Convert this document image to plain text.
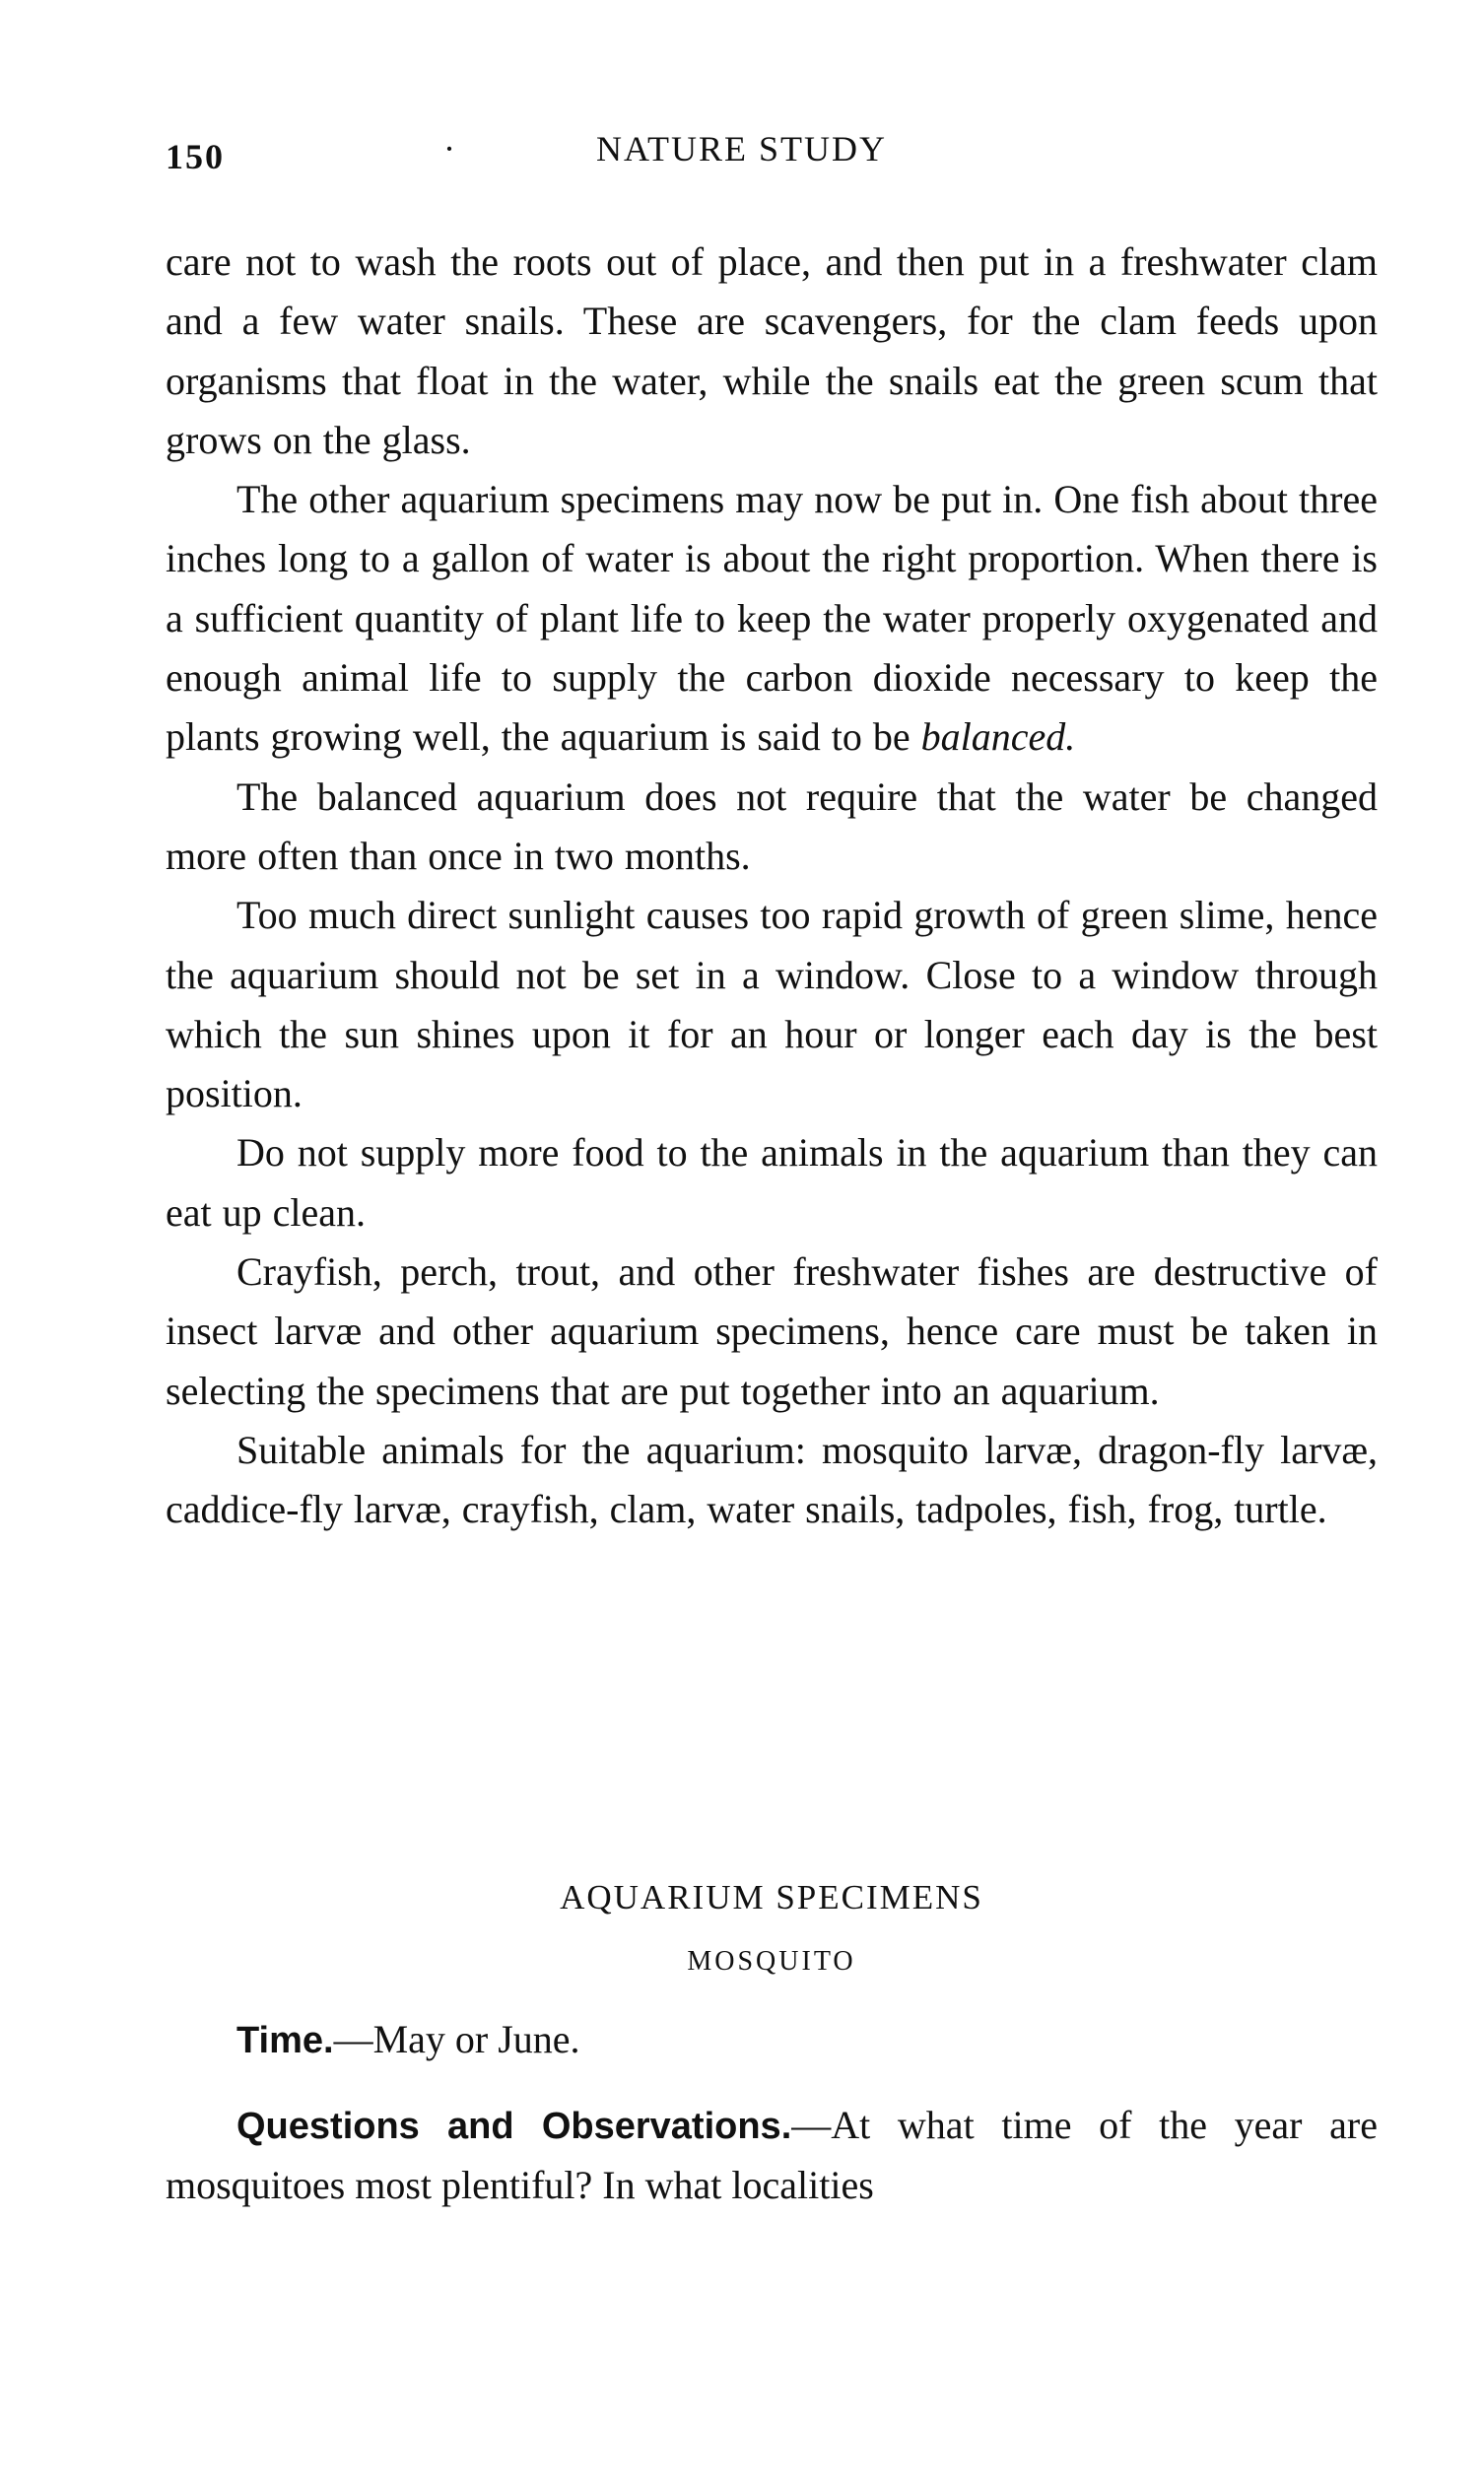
150	·	NATURE STUDY

care not to wash the roots out of place, and then put in a freshwater clam and a few water snails. These are scavengers, for the clam feeds upon organisms that float in the water, while the snails eat the green scum that grows on the glass.

The other aquarium specimens may now be put in. One fish about three inches long to a gallon of water is about the right proportion. When there is a sufficient quantity of plant life to keep the water properly oxygenated and enough animal life to supply the carbon dioxide necessary to keep the plants growing well, the aquarium is said to be balanced.

The balanced aquarium does not require that the water be changed more often than once in two months.

Too much direct sunlight causes too rapid growth of green slime, hence the aquarium should not be set in a window. Close to a window through which the sun shines upon it for an hour or longer each day is the best position.

Do not supply more food to the animals in the aquarium than they can eat up clean.

Crayfish, perch, trout, and other freshwater fishes are destructive of insect larvæ and other aquarium specimens, hence care must be taken in selecting the specimens that are put together into an aquarium.

Suitable animals for the aquarium: mosquito larvæ, dragon-fly larvæ, caddice-fly larvæ, crayfish, clam, water snails, tadpoles, fish, frog, turtle.

AQUARIUM SPECIMENS
MOSQUITO

Time.—May or June.

Questions and Observations.—At what time of the year are mosquitoes most plentiful? In what localities
